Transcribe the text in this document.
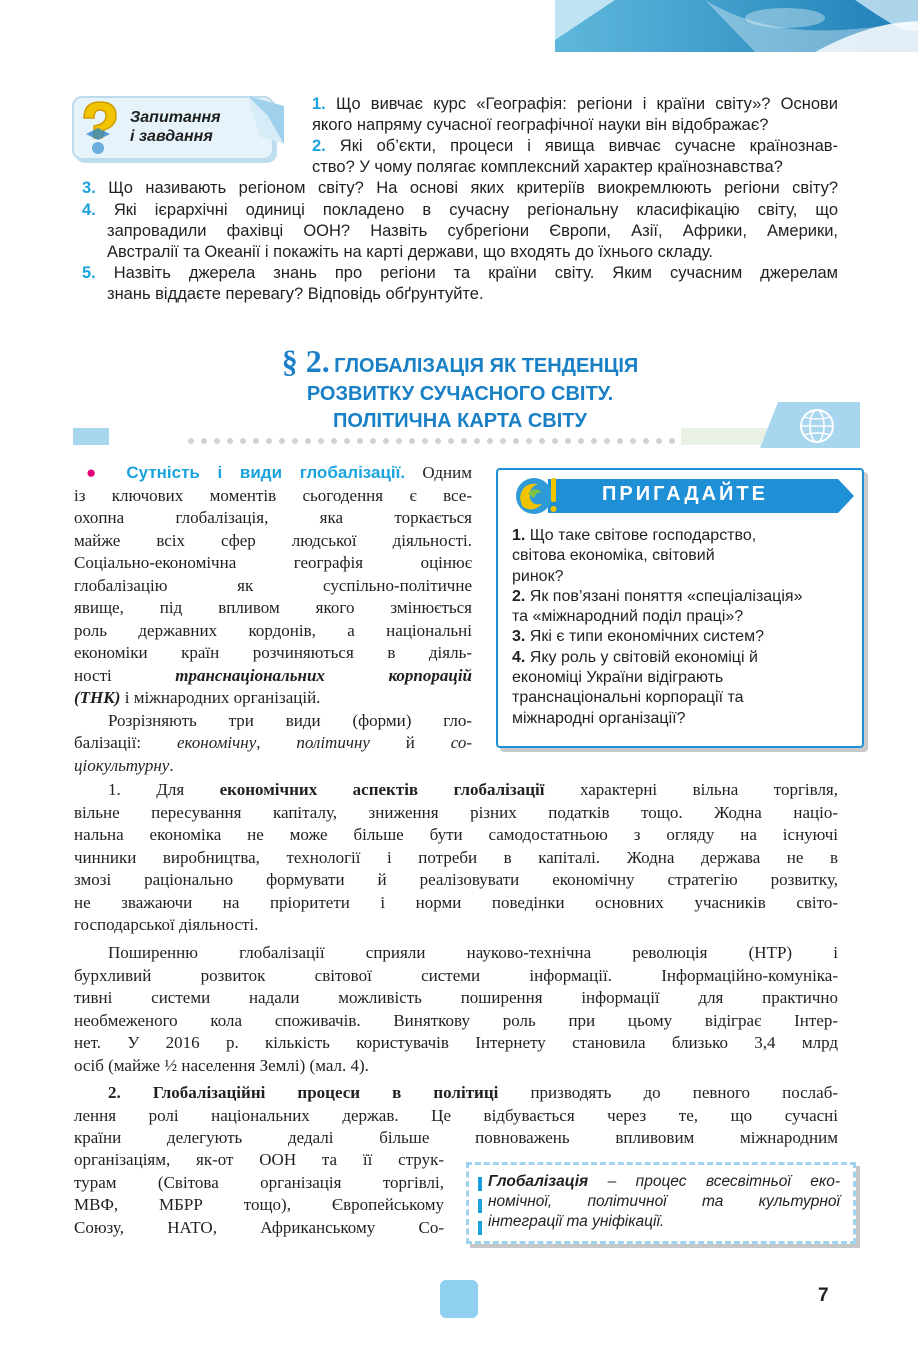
Запитання
і завдання

1. Що вивчає курс «Географія: регіони і країни світу»? Основи

якого напряму сучасної географічної науки він відображає?

2. Які об’єкти, процеси і явища вивчає сучасне країнознав-

ство? У чому полягає комплексний характер країнознавства?

3. Що називають регіоном світу? На основі яких критеріїв виокремлюють регіони світу?

4. Які ієрархічні одиниці покладено в сучасну регіональну класифікацію світу, що

запровадили фахівці ООН? Назвіть субрегіони Європи, Азії, Африки, Америки,

Австралії та Океанії і покажіть на карті держави, що входять до їхнього складу.

5. Назвіть джерела знань про регіони та країни світу. Яким сучасним джерелам

знань віддаєте перевагу? Відповідь обґрунтуйте.

§ 2. ГЛОБАЛІЗАЦІЯ ЯК ТЕНДЕНЦІЯ
РОЗВИТКУ СУЧАСНОГО СВІТУ.
ПОЛІТИЧНА КАРТА СВІТУ

● Сутність і види глобалізації. Одним

із ключових моментів сьогодення є все-

охопна глобалізація, яка торкається

майже всіх сфер людської діяльності.

Соціально-економічна географія оцінює

глобалізацію як суспільно-політичне

явище, під впливом якого змінюється

роль державних кордонів, а національні

економіки країн розчиняються в діяль-

ності	транснаціональних корпорацій

(ТНК) і міжнародних організацій.

Розрізняють три види (форми) гло-

балізації: економічну, політичну й со-

ціокультурну.

ПРИГАДАЙТЕ

1. Що таке світове господарство,

світова економіка, світовий

ринок?

2. Як пов’язані поняття «спеціалізація»

та «міжнародний поділ праці»?

3. Які є типи економічних систем?

4. Яку роль у світовій економіці й

економіці України відіграють

транснаціональні корпорації та

міжнародні організації?

1. Для економічних аспектів глобалізації характерні вільна торгівля,

вільне пересування капіталу, зниження різних податків тощо. Жодна націо-

нальна економіка не може більше бути самодостатньою з огляду на існуючі

чинники виробництва, технології і потреби в капіталі. Жодна держава не в

змозі раціонально формувати й реалізовувати економічну стратегію розвитку,

не зважаючи на пріоритети і норми поведінки основних учасників світо-

господарської діяльності.

Поширенню глобалізації сприяли науково-технічна революція (НТР) і

бурхливий розвиток світової системи інформації. Інформаційно-комуніка-

тивні системи надали можливість поширення інформації для практично

необмеженого кола споживачів. Виняткову роль при цьому відіграє Інтер-

нет. У 2016 р. кількість користувачів Інтернету становила близько 3,4 млрд

осіб (майже ½ населення Землі) (мал. 4).

2. Глобалізаційні процеси в політиці призводять до певного послаб-

лення ролі національних держав. Це відбувається через те, що сучасні

країни делегують дедалі більше повноважень впливовим міжнародним

організаціям, як-от ООН та її струк-

турам (Світова організація торгівлі,

МВФ, МБРР тощо), Європейському

Союзу, НАТО, Африканському Со-

Глобалізація – процес всесвітньої еко-

номічної, політичної та культурної

інтеграції та уніфікації.

7
